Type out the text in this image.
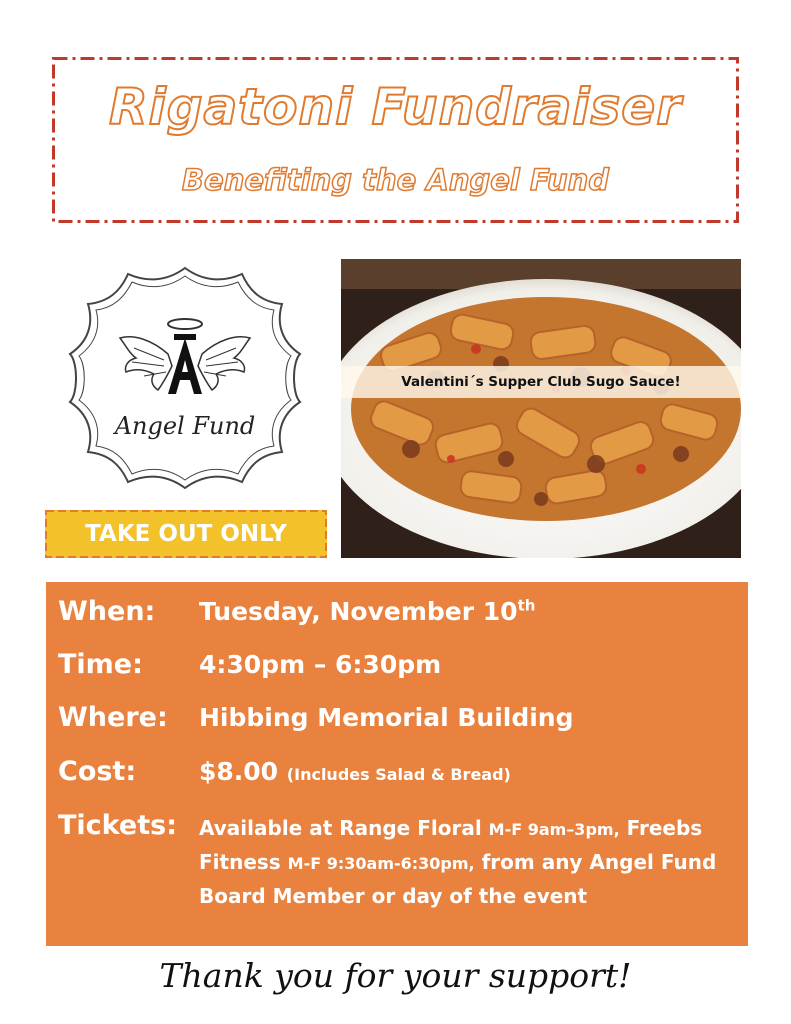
Rigatoni Fundraiser
Benefiting the Angel Fund
Angel Fund
TAKE OUT ONLY
Valentini´s Supper Club Sugo Sauce!
When: Tuesday, November 10th
Time: 4:30pm – 6:30pm
Where: Hibbing Memorial Building
Cost:	$8.00 (Includes Salad & Bread)
Tickets: Available at Range Floral M-F 9am–3pm, Freebs Fitness M-F 9:30am-6:30pm, from any Angel Fund Board Member or day of the event
Thank you for your support!
